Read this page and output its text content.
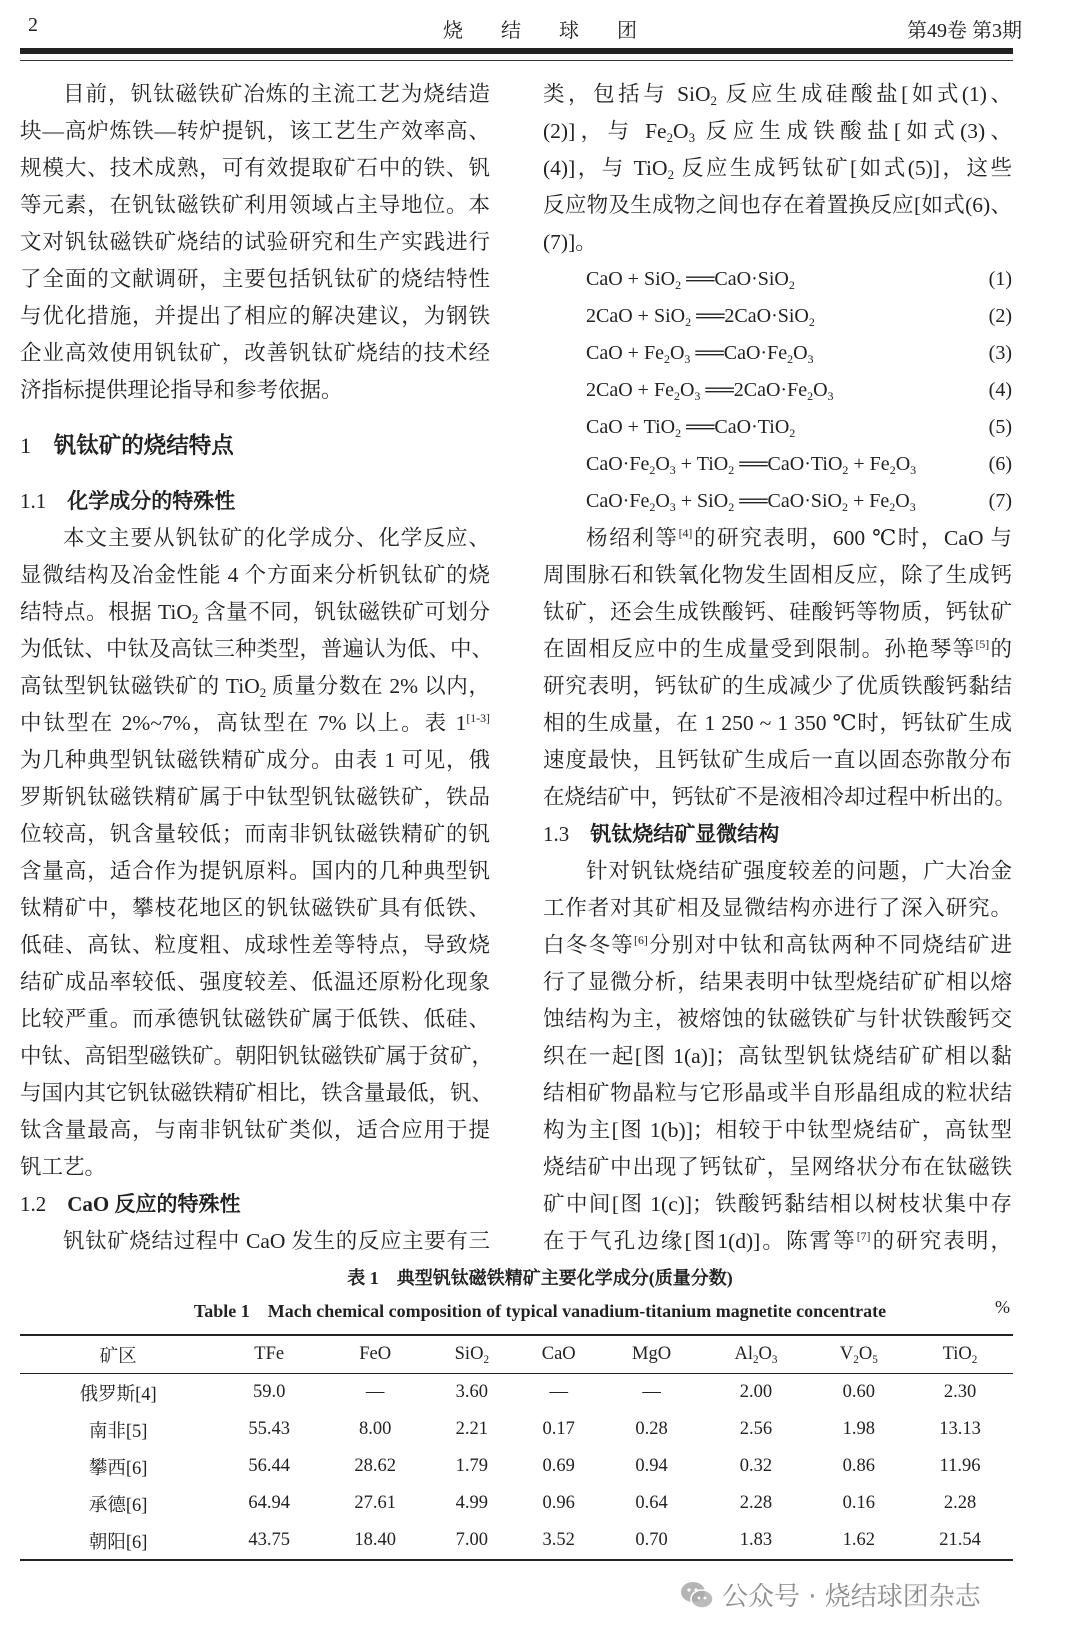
2	烧结球团	第49卷 第3期
目前，钒钛磁铁矿冶炼的主流工艺为烧结造
块—高炉炼铁—转炉提钒，该工艺生产效率高、
规模大、技术成熟，可有效提取矿石中的铁、钒
等元素，在钒钛磁铁矿利用领域占主导地位。本
文对钒钛磁铁矿烧结的试验研究和生产实践进行
了全面的文献调研，主要包括钒钛矿的烧结特性
与优化措施，并提出了相应的解决建议，为钢铁
企业高效使用钒钛矿，改善钒钛矿烧结的技术经
济指标提供理论指导和参考依据。
1　 钒钛矿的烧结特点
1.1　 化学成分的特殊性
本文主要从钒钛矿的化学成分、化学反应、
显微结构及冶金性能 4 个方面来分析钒钛矿的烧
结特点。根据 TiO$_2$ 含量不同，钒钛磁铁矿可划分
为低钛、中钛及高钛三种类型，普遍认为低、中、
高钛型钒钛磁铁矿的 TiO$_2$ 质量分数在 2% 以内，
中钛型在 2%~7%，高钛型在 7% 以上。表 1[1-3]
为几种典型钒钛磁铁精矿成分。由表 1 可见，俄
罗斯钒钛磁铁精矿属于中钛型钒钛磁铁矿，铁品
位较高，钒含量较低；而南非钒钛磁铁精矿的钒
含量高，适合作为提钒原料。国内的几种典型钒
钛精矿中，攀枝花地区的钒钛磁铁矿具有低铁、
低硅、高钛、粒度粗、成球性差等特点，导致烧
结矿成品率较低、强度较差、低温还原粉化现象
比较严重。而承德钒钛磁铁矿属于低铁、低硅、
中钛、高铝型磁铁矿。朝阳钒钛磁铁矿属于贫矿，
与国内其它钒钛磁铁精矿相比，铁含量最低，钒、
钛含量最高，与南非钒钛矿类似，适合应用于提
钒工艺。
1.2　 CaO 反应的特殊性
钒钛矿烧结过程中 CaO 发生的反应主要有三
类，包括与 SiO$_2$ 反应生成硅酸盐[如式(1)、
(2)]，与 $Fe_2O_3$ 反应生成铁酸盐[如式(3)、
(4)]，与 TiO$_2$ 反应生成钙钛矿[如式(5)]，这些
反应物及生成物之间也存在着置换反应[如式(6)、
(7)]。
CaO + SiO$_2$ ══CaO·SiO$_2$	(1)
2CaO + SiO$_2$ ══2CaO·SiO$_2$	(2)
CaO + $Fe_2O_3$ $══CaO\cdot Fe_2O_3$	(3)
$2CaO + Fe_2O_3$ $══2CaO\cdot Fe_2O_3$	(4)
CaO + TiO$_2$ ══CaO·TiO$_2$	(5)
$CaO\cdot Fe_2O_3 + TiO_2$ ══CaO·TiO$_2$ + $Fe_2O_3$	(6)
$CaO\cdot Fe_2O_3 + SiO_2$ ══CaO·SiO$_2$ + $Fe_2O_3$	(7)
杨绍利等[4]的研究表明，600 ℃时，CaO 与
周围脉石和铁氧化物发生固相反应，除了生成钙
钛矿，还会生成铁酸钙、硅酸钙等物质，钙钛矿
在固相反应中的生成量受到限制。孙艳琴等[5]的
研究表明，钙钛矿的生成减少了优质铁酸钙黏结
相的生成量，在 1 250 ~ 1 350 ℃时，钙钛矿生成
速度最快，且钙钛矿生成后一直以固态弥散分布
在烧结矿中，钙钛矿不是液相冷却过程中析出的。
1.3　 钒钛烧结矿显微结构
针对钒钛烧结矿强度较差的问题，广大冶金
工作者对其矿相及显微结构亦进行了深入研究。
白冬冬等[6]分别对中钛和高钛两种不同烧结矿进
行了显微分析，结果表明中钛型烧结矿矿相以熔
蚀结构为主，被熔蚀的钛磁铁矿与针状铁酸钙交
织在一起[图 1(a)]；高钛型钒钛烧结矿矿相以黏
结相矿物晶粒与它形晶或半自形晶组成的粒状结
构为主[图 1(b)]；相较于中钛型烧结矿，高钛型
烧结矿中出现了钙钛矿，呈网络状分布在钛磁铁
矿中间[图 1(c)]；铁酸钙黏结相以树枝状集中存
在于气孔边缘[图1(d)]。陈霄等[7]的研究表明，
表 1　典型钒钛磁铁精矿主要化学成分(质量分数)
Table 1　Mach chemical composition of typical vanadium-titanium magnetite concentrate	%
矿区	TFe	FeO	SiO$_2$	CaO	MgO	$Al_2O_3$	$V_2O_5$	TiO$_2$
俄罗斯[4]	59.0	—	3.60	—	—	2.00	0.60	2.30
南非[5]	55.43	8.00	2.21	0.17	0.28	2.56	1.98	13.13
攀西[6]	56.44	28.62	1.79	0.69	0.94	0.32	0.86	11.96
承德[6]	64.94	27.61	4.99	0.96	0.64	2.28	0.16	2.28
朝阳[6]	43.75	18.40	7.00	3.52	0.70	1.83	1.62	21.54
公众号 · 烧结球团杂志
